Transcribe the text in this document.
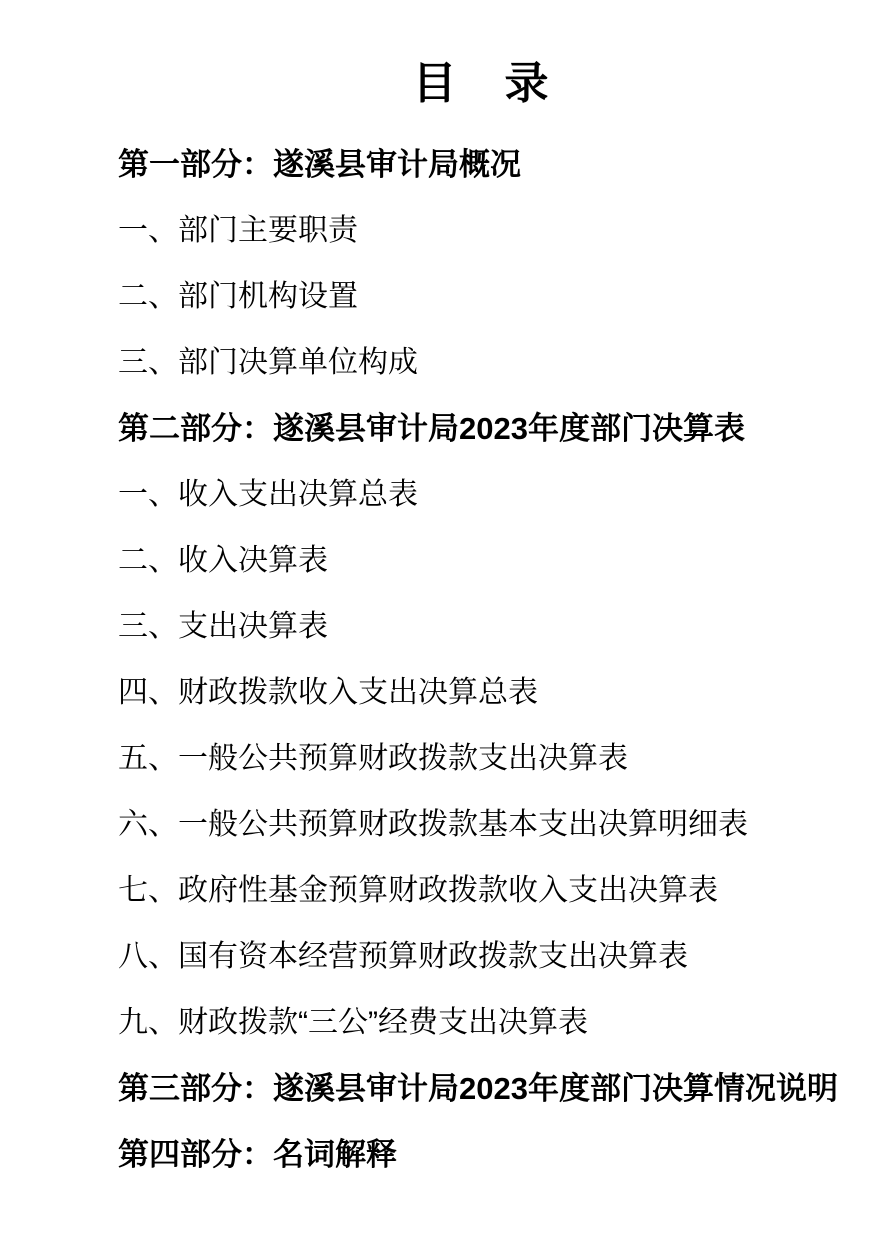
目　录
第一部分：遂溪县审计局概况
一、部门主要职责
二、部门机构设置
三、部门决算单位构成
第二部分：遂溪县审计局2023年度部门决算表
一、收入支出决算总表
二、收入决算表
三、支出决算表
四、财政拨款收入支出决算总表
五、一般公共预算财政拨款支出决算表
六、一般公共预算财政拨款基本支出决算明细表
七、政府性基金预算财政拨款收入支出决算表
八、国有资本经营预算财政拨款支出决算表
九、财政拨款“三公”经费支出决算表
第三部分：遂溪县审计局2023年度部门决算情况说明
第四部分：名词解释
